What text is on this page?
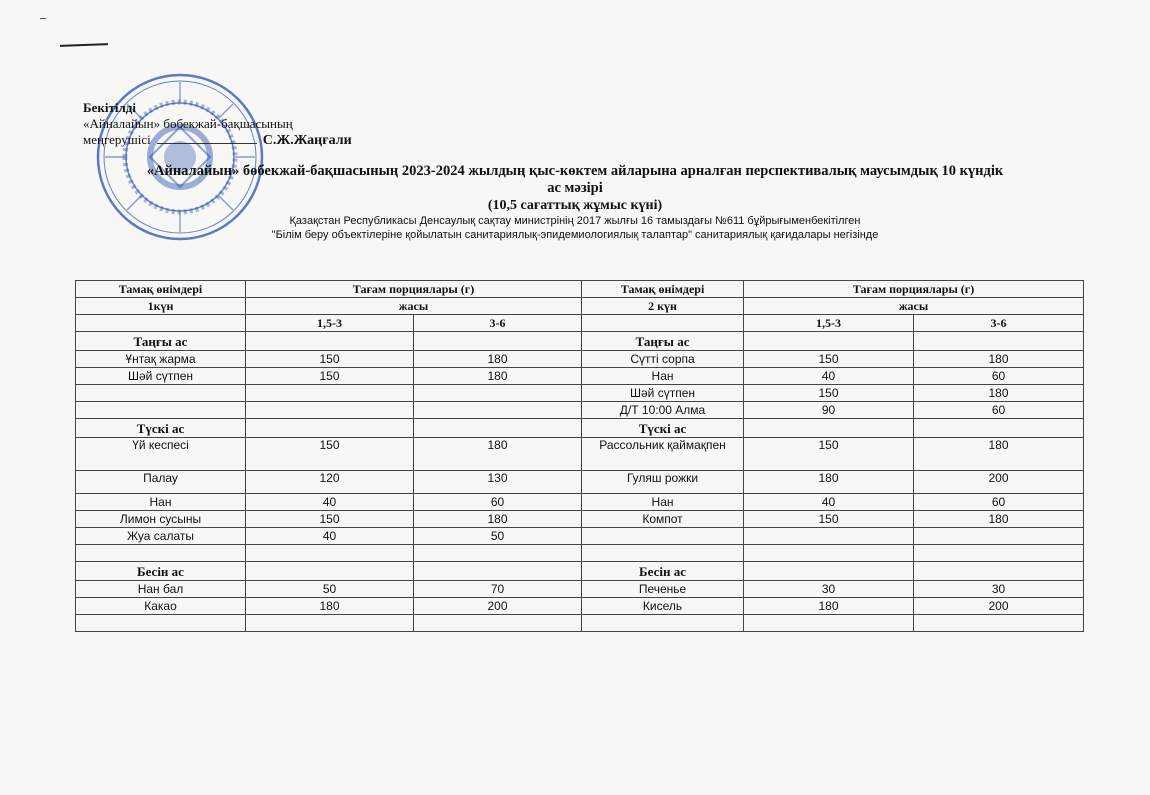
Бекітілді
«Айналайын» бөбекжай-бақшасының
меңгерушісі	С.Ж.Жаңғали
«Айналайын» бөбекжай-бақшасының 2023-2024 жылдың қыс-көктем айларына арналған перспективалық маусымдық 10 күндік
ас мәзірі
(10,5 сағаттық жұмыс күні)
Қазақстан Республикасы Денсаулық сақтау министрінің 2017 жылғы 16 тамыздағы №611 бұйрығыменбекітілген
"Білім беру объектілеріне қойылатын санитариялық-эпидемиологиялық талаптар" санитариялық қағидалары негізінде
Тамақ өнімдері	Тағам порциялары (г)		Тамақ өнімдері	Тағам порциялары (г)	
1күн	жасы		2 күн	жасы	
	1,5-3	3-6		1,5-3	3-6
Таңғы ас			Таңғы ас		
Ұнтақ жарма	150	180	Сүтті сорпа	150	180
Шәй сүтпен	150	180	Нан	40	60
			Шәй сүтпен	150	180
			Д/Т 10:00 Алма	90	60
Түскі ас			Түскі ас		
Үй кеспесі	150	180	Рассольник қаймақпен	150	180
Палау	120	130	Гуляш рожки	180	200
Нан	40	60	Нан	40	60
Лимон сусыны	150	180	Компот	150	180
Жуа салаты	40	50			

Бесін ас			Бесін ас		
Нан бал	50	70	Печенье	30	30
Какао	180	200	Кисель	180	200
